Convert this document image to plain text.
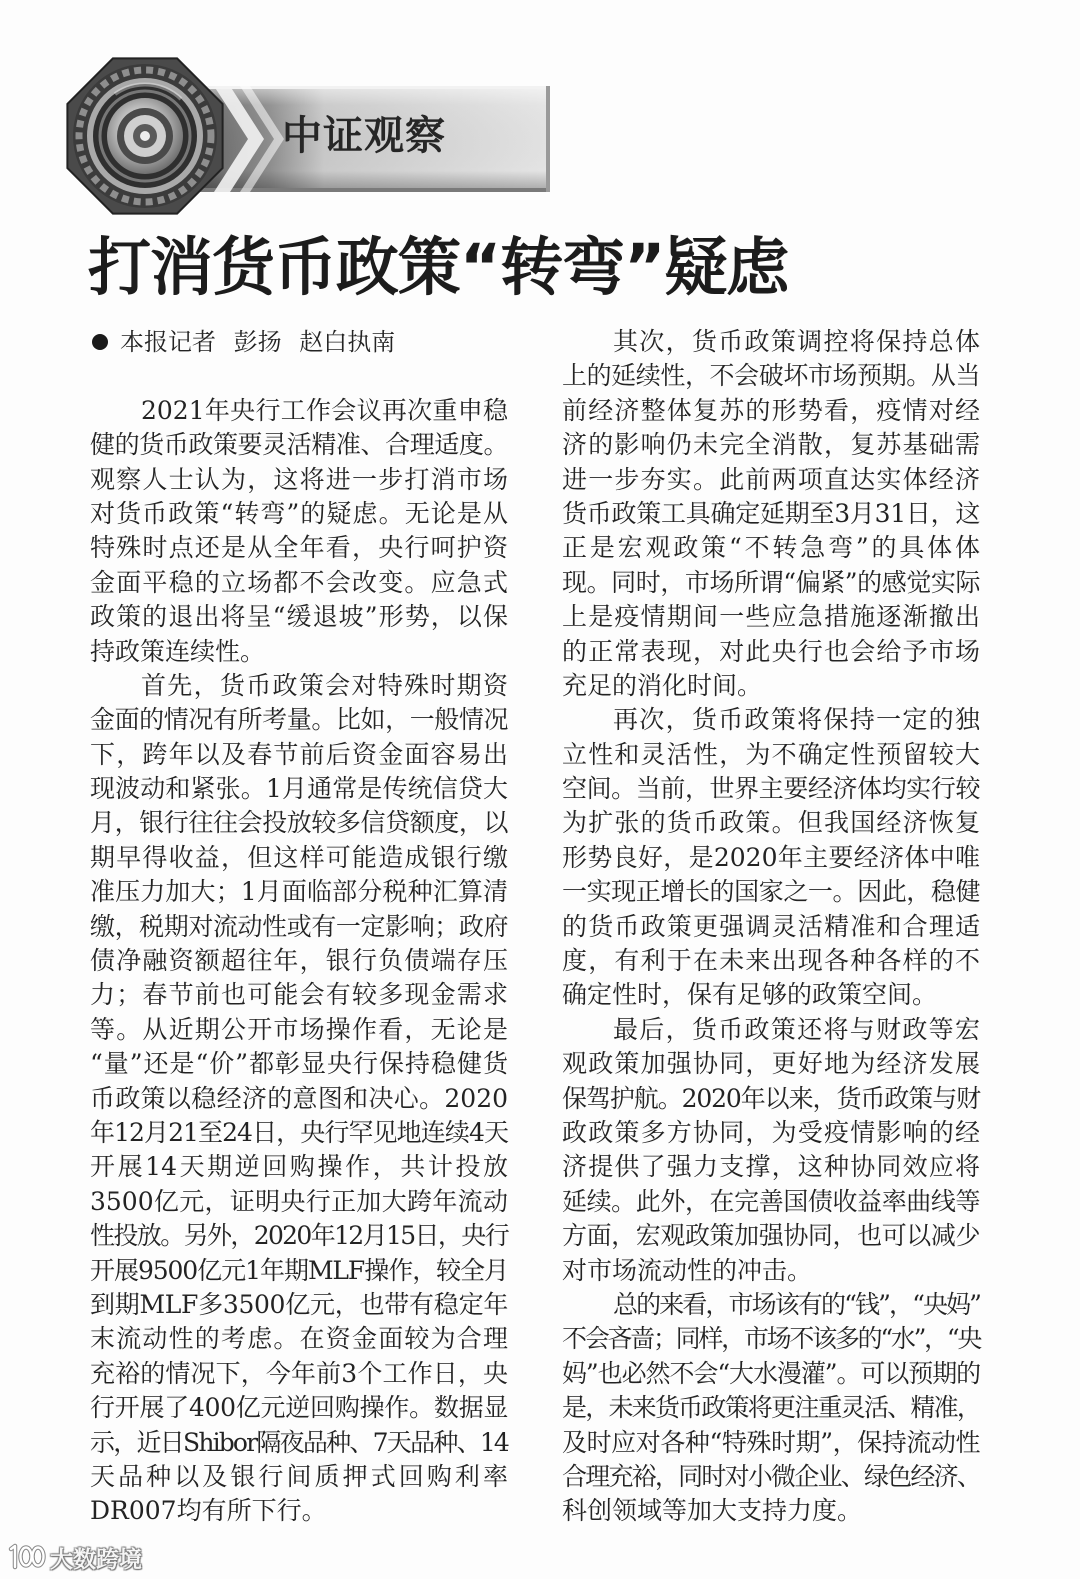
中证观察
打消货币政策“转弯”疑虑
本报记者 彭扬 赵白执南
2021年央行工作会议再次重申稳
健的货币政策要灵活精准、合理适度。
观察人士认为，这将进一步打消市场
对货币政策“转弯”的疑虑。无论是从
特殊时点还是从全年看，央行呵护资
金面平稳的立场都不会改变。应急式
政策的退出将呈“缓退坡”形势，以保
持政策连续性。
首先，货币政策会对特殊时期资
金面的情况有所考量。比如，一般情况
下，跨年以及春节前后资金面容易出
现波动和紧张。1月通常是传统信贷大
月，银行往往会投放较多信贷额度，以
期早得收益，但这样可能造成银行缴
准压力加大；1月面临部分税种汇算清
缴，税期对流动性或有一定影响；政府
债净融资额超往年，银行负债端存压
力；春节前也可能会有较多现金需求
等。从近期公开市场操作看，无论是
“量”还是“价”都彰显央行保持稳健货
币政策以稳经济的意图和决心。2020
年12月21至24日，央行罕见地连续4天
开展14天期逆回购操作，共计投放
3500亿元，证明央行正加大跨年流动
性投放。另外，2020年12月15日，央行
开展9500亿元1年期MLF操作，较全月
到期MLF多3500亿元，也带有稳定年
末流动性的考虑。在资金面较为合理
充裕的情况下，今年前3个工作日，央
行开展了400亿元逆回购操作。数据显
示，近日Shibor隔夜品种、7天品种、14
天品种以及银行间质押式回购利率
DR007均有所下行。
其次，货币政策调控将保持总体
上的延续性，不会破坏市场预期。从当
前经济整体复苏的形势看，疫情对经
济的影响仍未完全消散，复苏基础需
进一步夯实。此前两项直达实体经济
货币政策工具确定延期至3月31日，这
正是宏观政策“不转急弯”的具体体
现。同时，市场所谓“偏紧”的感觉实际
上是疫情期间一些应急措施逐渐撤出
的正常表现，对此央行也会给予市场
充足的消化时间。
再次，货币政策将保持一定的独
立性和灵活性，为不确定性预留较大
空间。当前，世界主要经济体均实行较
为扩张的货币政策。但我国经济恢复
形势良好，是2020年主要经济体中唯
一实现正增长的国家之一。因此，稳健
的货币政策更强调灵活精准和合理适
度，有利于在未来出现各种各样的不
确定性时，保有足够的政策空间。
最后，货币政策还将与财政等宏
观政策加强协同，更好地为经济发展
保驾护航。2020年以来，货币政策与财
政政策多方协同，为受疫情影响的经
济提供了强力支撑，这种协同效应将
延续。此外，在完善国债收益率曲线等
方面，宏观政策加强协同，也可以减少
对市场流动性的冲击。
总的来看，市场该有的“钱”，“央妈”
不会吝啬；同样，市场不该多的“水”，“央
妈”也必然不会“大水漫灌”。可以预期的
是，未来货币政策将更注重灵活、精准，
及时应对各种“特殊时期”，保持流动性
合理充裕，同时对小微企业、绿色经济、
科创领域等加大支持力度。
大数跨境
